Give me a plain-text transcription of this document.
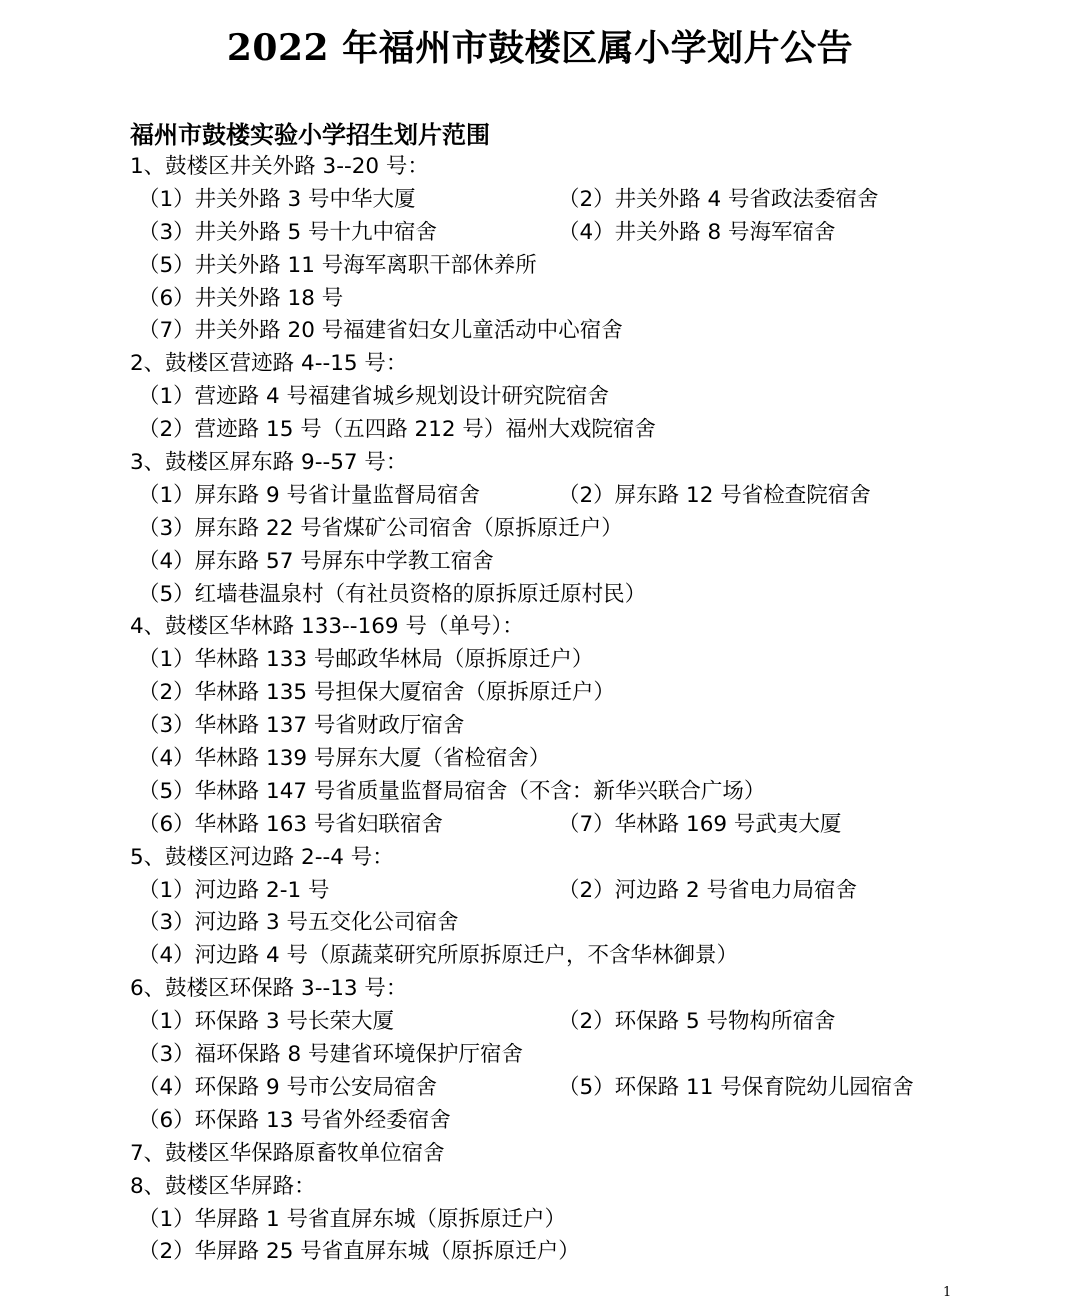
2022 年福州市鼓楼区属小学划片公告
福州市鼓楼实验小学招生划片范围
1、鼓楼区井关外路 3--20 号：
（1）井关外路 3 号中华大厦	（2）井关外路 4 号省政法委宿舍
（3）井关外路 5 号十九中宿舍	（4）井关外路 8 号海军宿舍
（5）井关外路 11 号海军离职干部休养所
（6）井关外路 18 号
（7）井关外路 20 号福建省妇女儿童活动中心宿舍
2、鼓楼区营迹路 4--15 号：
（1）营迹路 4 号福建省城乡规划设计研究院宿舍
（2）营迹路 15 号（五四路 212 号）福州大戏院宿舍
3、鼓楼区屏东路 9--57 号：
（1）屏东路 9 号省计量监督局宿舍	（2）屏东路 12 号省检查院宿舍
（3）屏东路 22 号省煤矿公司宿舍（原拆原迁户）
（4）屏东路 57 号屏东中学教工宿舍
（5）红墙巷温泉村（有社员资格的原拆原迁原村民）
4、鼓楼区华林路 133--169 号（单号）：
（1）华林路 133 号邮政华林局（原拆原迁户）
（2）华林路 135 号担保大厦宿舍（原拆原迁户）
（3）华林路 137 号省财政厅宿舍
（4）华林路 139 号屏东大厦（省检宿舍）
（5）华林路 147 号省质量监督局宿舍（不含：新华兴联合广场）
（6）华林路 163 号省妇联宿舍	（7）华林路 169 号武夷大厦
5、鼓楼区河边路 2--4 号：
（1）河边路 2-1 号	（2）河边路 2 号省电力局宿舍
（3）河边路 3 号五交化公司宿舍
（4）河边路 4 号（原蔬菜研究所原拆原迁户，不含华林御景）
6、鼓楼区环保路 3--13 号：
（1）环保路 3 号长荣大厦	（2）环保路 5 号物构所宿舍
（3）福环保路 8 号建省环境保护厅宿舍
（4）环保路 9 号市公安局宿舍	（5）环保路 11 号保育院幼儿园宿舍
（6）环保路 13 号省外经委宿舍
7、鼓楼区华保路原畜牧单位宿舍
8、鼓楼区华屏路：
（1）华屏路 1 号省直屏东城（原拆原迁户）
（2）华屏路 25 号省直屏东城（原拆原迁户）
1
